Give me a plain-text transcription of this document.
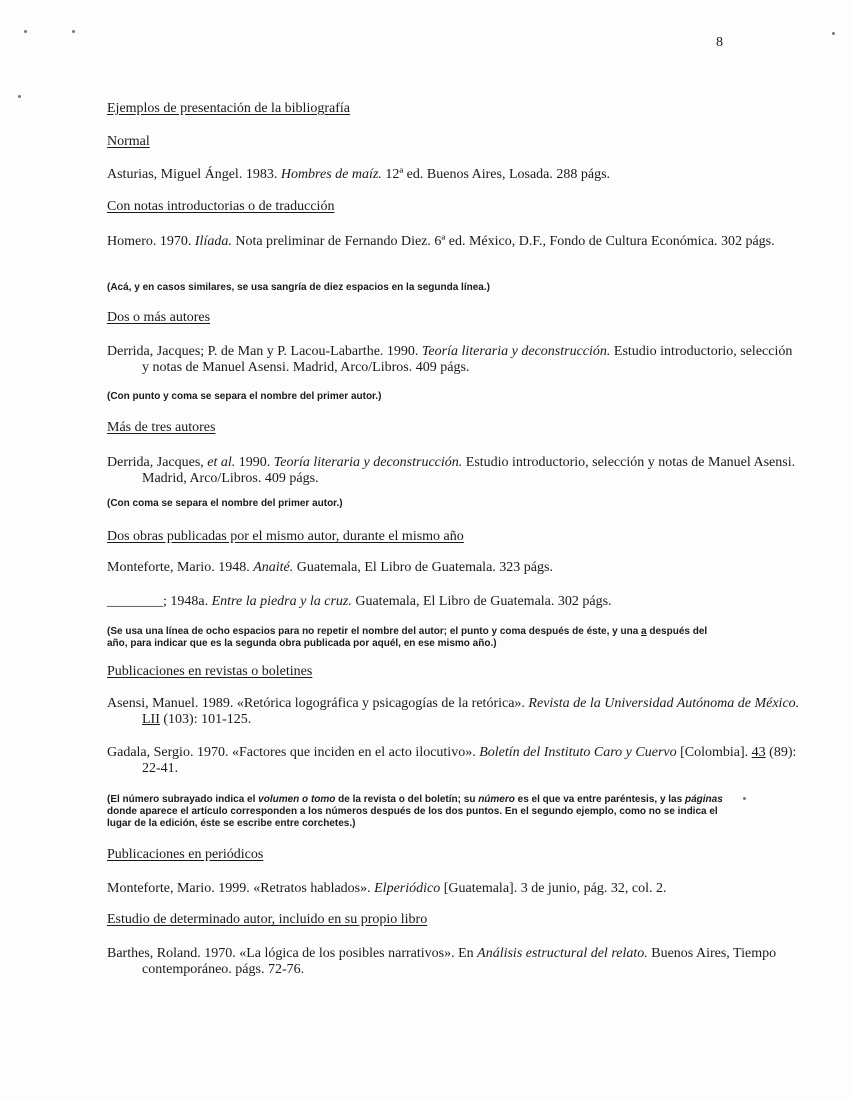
8
Ejemplos de presentación de la bibliografía
Normal
Asturias, Miguel Ángel. 1983. Hombres de maíz. 12ª ed. Buenos Aires, Losada. 288 págs.
Con notas introductorias o de traducción
Homero. 1970. Ilíada. Nota preliminar de Fernando Diez. 6ª ed. México, D.F., Fondo de Cultura Económica. 302 págs.
(Acá, y en casos similares, se usa sangría de diez espacios en la segunda línea.)
Dos o más autores
Derrida, Jacques; P. de Man y P. Lacou-Labarthe. 1990. Teoría literaria y deconstrucción. Estudio introductorio, selección y notas de Manuel Asensi. Madrid, Arco/Libros. 409 págs.
(Con punto y coma se separa el nombre del primer autor.)
Más de tres autores
Derrida, Jacques, et al. 1990. Teoría literaria y deconstrucción. Estudio introductorio, selección y notas de Manuel Asensi. Madrid, Arco/Libros. 409 págs.
(Con coma se separa el nombre del primer autor.)
Dos obras publicadas por el mismo autor, durante el mismo año
Monteforte, Mario. 1948. Anaité. Guatemala, El Libro de Guatemala. 323 págs.
________; 1948a. Entre la piedra y la cruz. Guatemala, El Libro de Guatemala. 302 págs.
(Se usa una línea de ocho espacios para no repetir el nombre del autor; el punto y coma después de éste, y una a después del año, para indicar que es la segunda obra publicada por aquél, en ese mismo año.)
Publicaciones en revistas o boletines
Asensi, Manuel. 1989. «Retórica logográfica y psicagogías de la retórica». Revista de la Universidad Autónoma de México. LII (103): 101-125.
Gadala, Sergio. 1970. «Factores que inciden en el acto ilocutivo». Boletín del Instituto Caro y Cuervo [Colombia]. 43 (89): 22-41.
(El número subrayado indica el volumen o tomo de la revista o del boletín; su número es el que va entre paréntesis, y las páginas donde aparece el artículo corresponden a los números después de los dos puntos. En el segundo ejemplo, como no se indica el lugar de la edición, éste se escribe entre corchetes.)
Publicaciones en periódicos
Monteforte, Mario. 1999. «Retratos hablados». Elperiódico [Guatemala]. 3 de junio, pág. 32, col. 2.
Estudio de determinado autor, incluido en su propio libro
Barthes, Roland. 1970. «La lógica de los posibles narrativos». En Análisis estructural del relato. Buenos Aires, Tiempo contemporáneo. págs. 72-76.
